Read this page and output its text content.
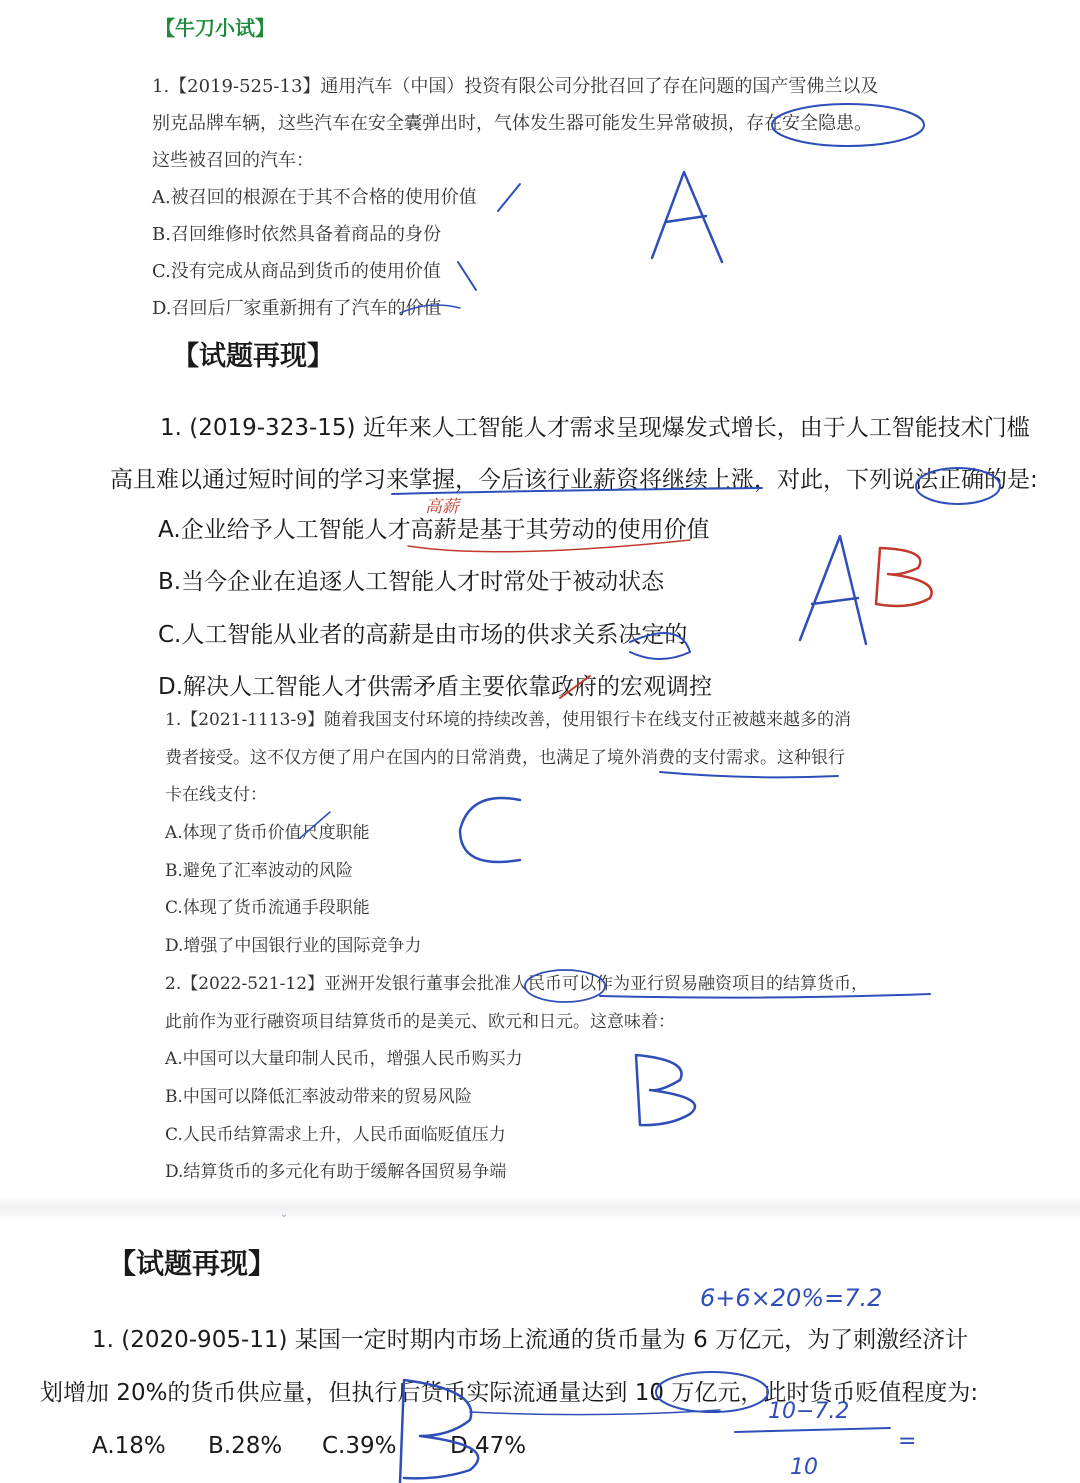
【牛刀小试】
1.【2019-525-13】通用汽车（中国）投资有限公司分批召回了存在问题的国产雪佛兰以及
别克品牌车辆，这些汽车在安全囊弹出时，气体发生器可能发生异常破损，存在安全隐患。
这些被召回的汽车：
A.被召回的根源在于其不合格的使用价值
B.召回维修时依然具备着商品的身份
C.没有完成从商品到货币的使用价值
D.召回后厂家重新拥有了汽车的价值
【试题再现】
1. (2019-323-15) 近年来人工智能人才需求呈现爆发式增长，由于人工智能技术门槛
高且难以通过短时间的学习来掌握，今后该行业薪资将继续上涨，对此，下列说法正确的是:
A.企业给予人工智能人才高薪是基于其劳动的使用价值
B.当今企业在追逐人工智能人才时常处于被动状态
C.人工智能从业者的高薪是由市场的供求关系决定的
D.解决人工智能人才供需矛盾主要依靠政府的宏观调控
1.【2021-1113-9】随着我国支付环境的持续改善，使用银行卡在线支付正被越来越多的消
费者接受。这不仅方便了用户在国内的日常消费，也满足了境外消费的支付需求。这种银行
卡在线支付：
A.体现了货币价值尺度职能
B.避免了汇率波动的风险
C.体现了货币流通手段职能
D.增强了中国银行业的国际竞争力
2.【2022-521-12】亚洲开发银行董事会批准人民币可以作为亚行贸易融资项目的结算货币，
此前作为亚行融资项目结算货币的是美元、欧元和日元。这意味着：
A.中国可以大量印制人民币，增强人民币购买力
B.中国可以降低汇率波动带来的贸易风险
C.人民币结算需求上升，人民币面临贬值压力
D.结算货币的多元化有助于缓解各国贸易争端
⌄
【试题再现】
1. (2020-905-11) 某国一定时期内市场上流通的货币量为 6 万亿元，为了刺激经济计
划增加 20%的货币供应量，但执行后货币实际流通量达到 10 万亿元，此时货币贬值程度为:
A.18% B.28% C.39% D.47%
高薪
6+6×20%=7.2
10−7.2
10
=
